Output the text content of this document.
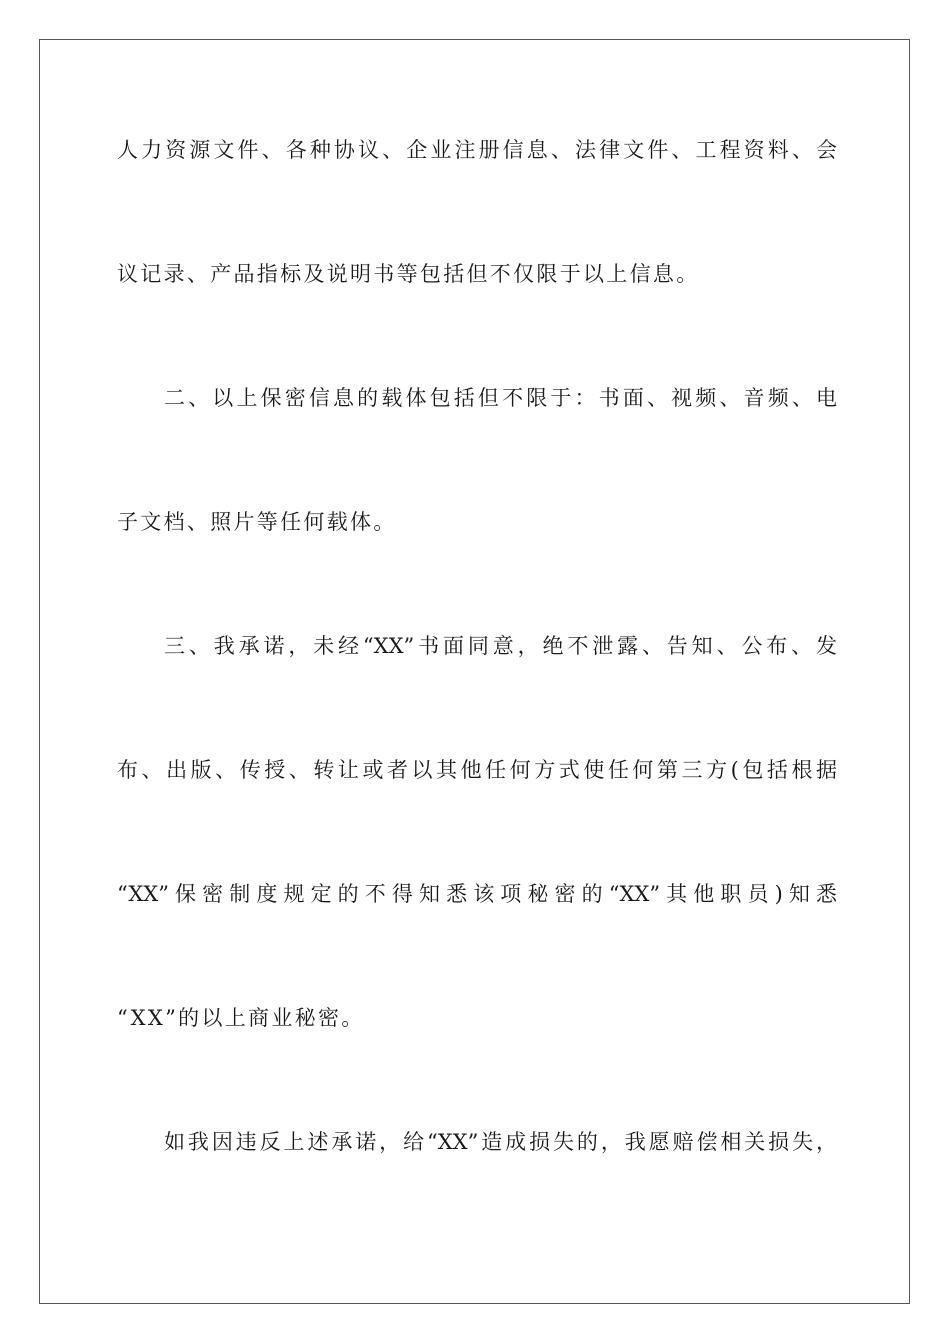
人力资源文件、各种协议、企业注册信息、法律文件、工程资料、会
议记录、产品指标及说明书等包括但不仅限于以上信息。
二、以上保密信息的载体包括但不限于：书面、视频、音频、电
子文档、照片等任何载体。
三、我承诺，未经“XX”书面同意，绝不泄露、告知、公布、发
布、出版、传授、转让或者以其他任何方式使任何第三方(包括根据
“XX”保密制度规定的不得知悉该项秘密的“XX”其他职员)知悉
“XX”的以上商业秘密。
如我因违反上述承诺，给“XX”造成损失的，我愿赔偿相关损失，
